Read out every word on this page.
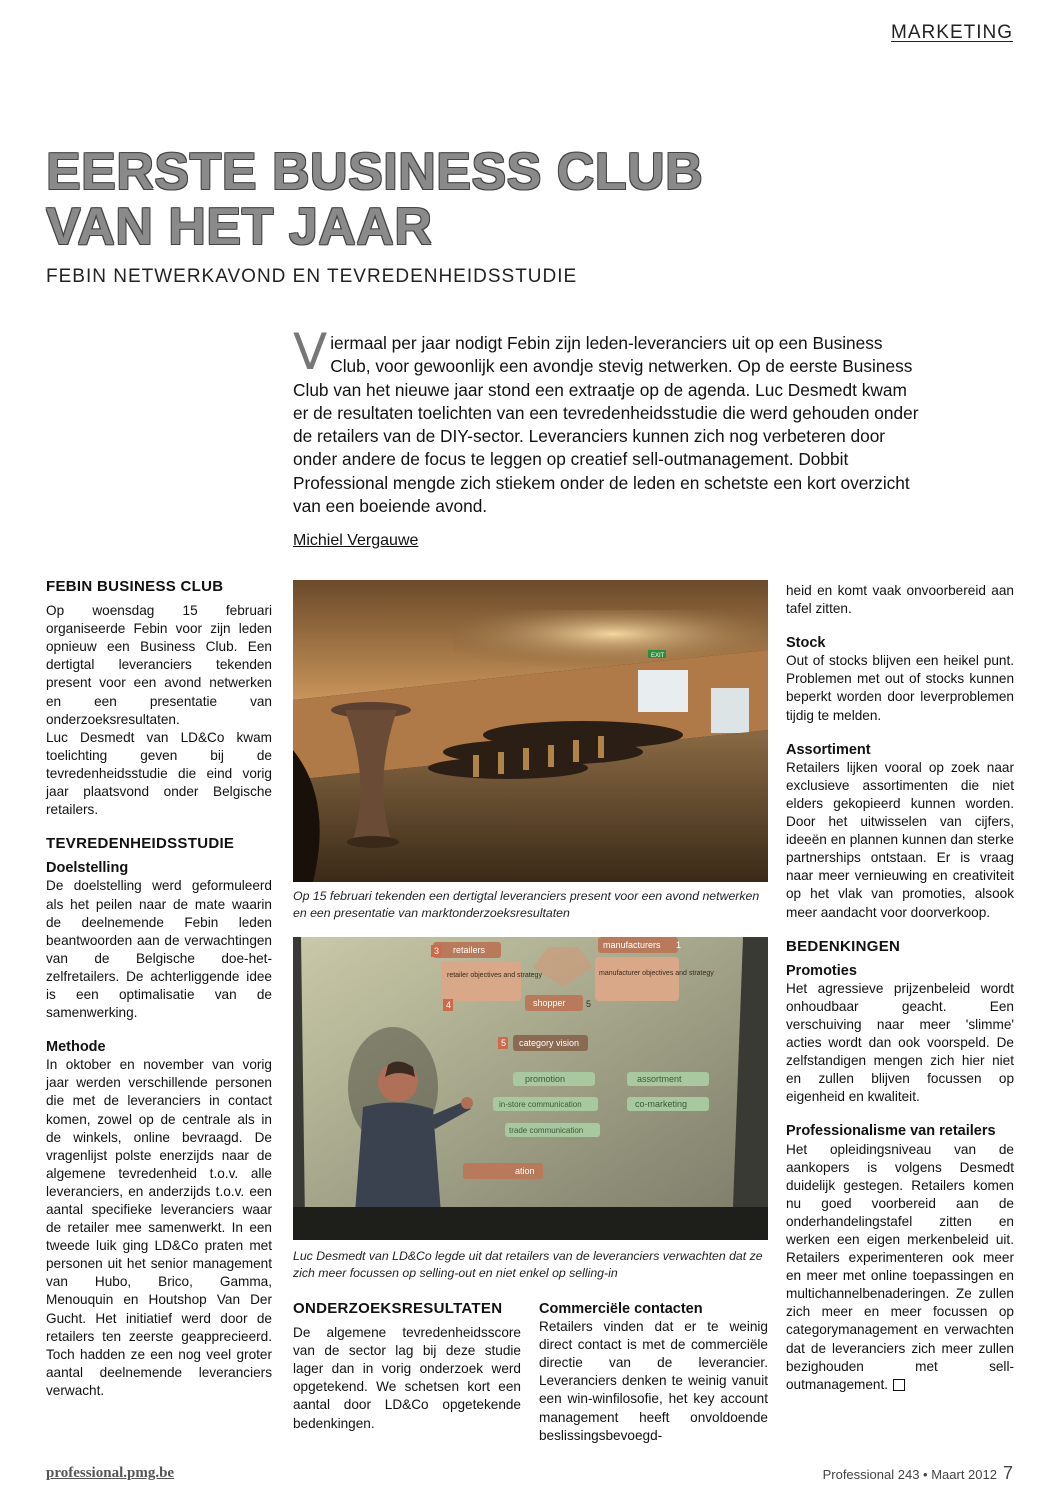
MARKETING
EERSTE BUSINESS CLUB
VAN HET JAAR
FEBIN NETWERKAVOND EN TEVREDENHEIDSSTUDIE

Viermaal per jaar nodigt Febin zijn leden-leveranciers uit op een Business Club, voor gewoonlijk een avondje stevig netwerken. Op de eerste Business Club van het nieuwe jaar stond een extraatje op de agenda. Luc Desmedt kwam er de resultaten toelichten van een tevredenheidsstudie die werd gehouden onder de retailers van de DIY-sector. Leveranciers kunnen zich nog verbeteren door onder andere de focus te leggen op creatief sell-outmanagement. Dobbit Professional mengde zich stiekem onder de leden en schetste een kort overzicht van een boeiende avond.

Michiel Vergauwe
FEBIN BUSINESS CLUB

Op woensdag 15 februari organiseerde Febin voor zijn leden opnieuw een Business Club. Een dertigtal leveranciers tekenden present voor een avond netwerken en een presentatie van onderzoeksresultaten.

Luc Desmedt van LD&Co kwam toelichting geven bij de tevredenheidsstudie die eind vorig jaar plaatsvond onder Belgische retailers.

TEVREDENHEIDSSTUDIE
Doelstelling

De doelstelling werd geformuleerd als het peilen naar de mate waarin de deelnemende Febin leden beantwoorden aan de verwachtingen van de Belgische doe-het-zelfretailers. De achterliggende idee is een optimalisatie van de samenwerking.

Methode

In oktober en november van vorig jaar werden verschillende personen die met de leveranciers in contact komen, zowel op de centrale als in de winkels, online bevraagd. De vragenlijst polste enerzijds naar de algemene tevredenheid t.o.v. alle leveranciers, en anderzijds t.o.v. een aantal specifieke leveranciers waar de retailer mee samenwerkt. In een tweede luik ging LD&Co praten met personen uit het senior management van Hubo, Brico, Gamma, Menouquin en Houtshop Van Der Gucht. Het initiatief werd door de retailers ten zeerste geapprecieerd. Toch hadden ze een nog veel groter aantal deelnemende leveranciers verwacht.

EXIT
Op 15 februari tekenden een dertigtal leveranciers present voor een avond netwerken en een presentatie van marktonderzoeksresultaten
retailers
3
manufacturers 1
retailer objectives and strategy	manufacturer objectives and strategy
4	shopper 5
5 category vision
promotion	assortment
in-store communication	co-marketing
trade communication
ation
Luc Desmedt van LD&Co legde uit dat retailers van de leveranciers verwachten dat ze zich meer focussen op selling-out en niet enkel op selling-in
ONDERZOEKSRESULTATEN

De algemene tevredenheidsscore van de sector lag bij deze studie lager dan in vorig onderzoek werd opgetekend. We schetsen kort een aantal door LD&Co opgetekende bedenkingen.

Commerciële contacten

Retailers vinden dat er te weinig direct contact is met de commerciële directie van de leverancier. Leveranciers denken te weinig vanuit een win-winfilosofie, het key account management heeft onvoldoende beslissingsbevoegd-

heid en komt vaak onvoorbereid aan tafel zitten.

Stock

Out of stocks blijven een heikel punt. Problemen met out of stocks kunnen beperkt worden door leverproblemen tijdig te melden.

Assortiment

Retailers lijken vooral op zoek naar exclusieve assortimenten die niet elders gekopieerd kunnen worden. Door het uitwisselen van cijfers, ideeën en plannen kunnen dan sterke partnerships ontstaan. Er is vraag naar meer vernieuwing en creativiteit op het vlak van promoties, alsook meer aandacht voor doorverkoop.

BEDENKINGEN
Promoties

Het agressieve prijzenbeleid wordt onhoudbaar geacht. Een verschuiving naar meer 'slimme' acties wordt dan ook voorspeld. De zelfstandigen mengen zich hier niet en zullen blijven focussen op eigenheid en kwaliteit.

Professionalisme van retailers

Het opleidingsniveau van de aankopers is volgens Desmedt duidelijk gestegen. Retailers komen nu goed voorbereid aan de onderhandelingstafel zitten en werken een eigen merkenbeleid uit. Retailers experimenteren ook meer en meer met online toepassingen en multichannelbenaderingen. Ze zullen zich meer en meer focussen op categorymanagement en verwachten dat de leveranciers zich meer zullen bezighouden met sell-outmanagement.

professional.pmg.be	Professional 243 • Maart 2012 7
